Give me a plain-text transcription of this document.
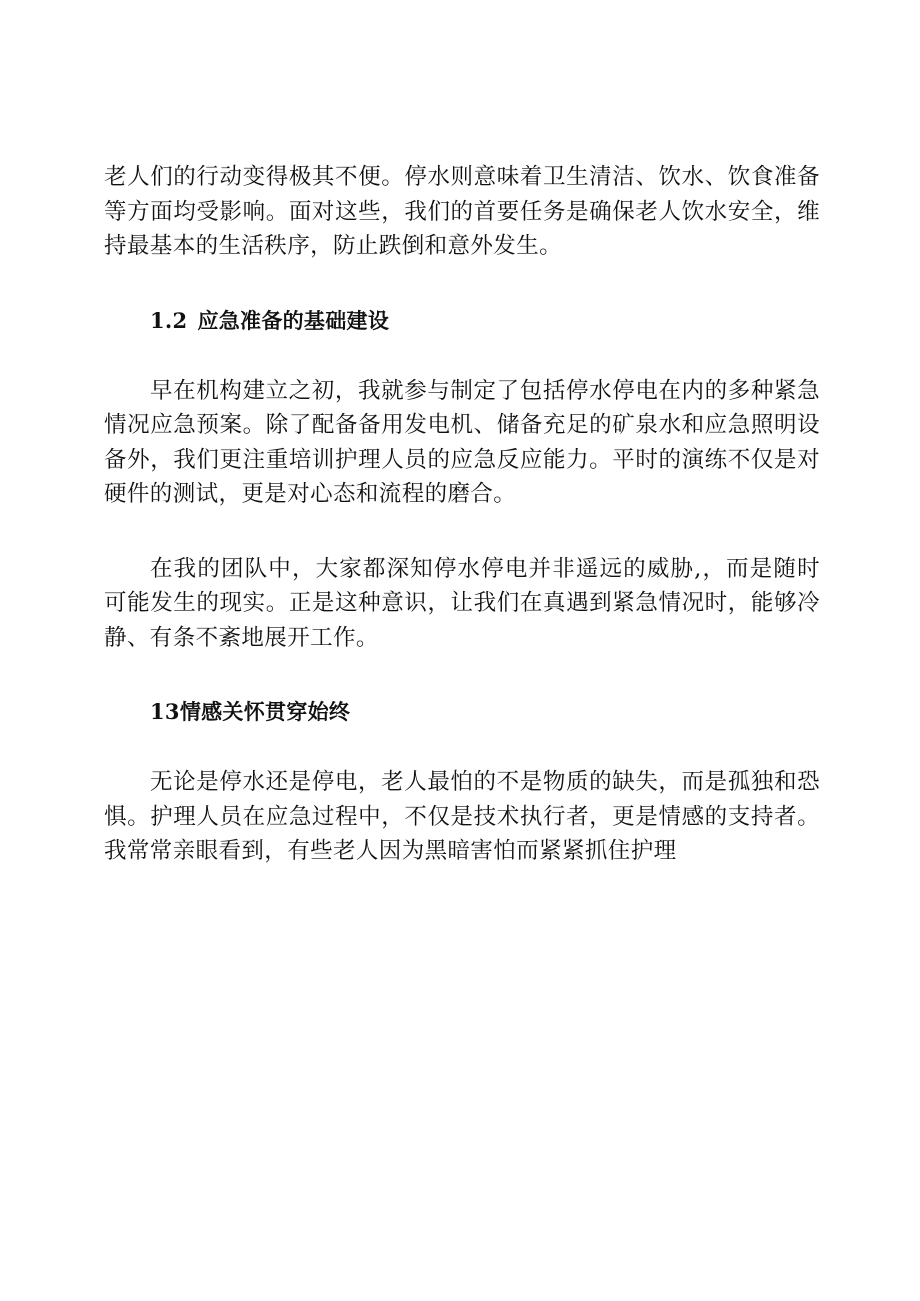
老人们的行动变得极其不便。停水则意味着卫生清洁、饮水、饮食准备等方面均受影响。面对这些，我们的首要任务是确保老人饮水安全，维持最基本的生活秩序，防止跌倒和意外发生。

1.2 应急准备的基础建设

早在机构建立之初，我就参与制定了包括停水停电在内的多种紧急情况应急预案。除了配备备用发电机、储备充足的矿泉水和应急照明设备外，我们更注重培训护理人员的应急反应能力。平时的演练不仅是对硬件的测试，更是对心态和流程的磨合。

在我的团队中，大家都深知停水停电并非遥远的威胁,，而是随时可能发生的现实。正是这种意识，让我们在真遇到紧急情况时，能够冷静、有条不紊地展开工作。

13情感关怀贯穿始终

无论是停水还是停电，老人最怕的不是物质的缺失，而是孤独和恐惧。护理人员在应急过程中，不仅是技术执行者，更是情感的支持者。我常常亲眼看到，有些老人因为黑暗害怕而紧紧抓住护理
